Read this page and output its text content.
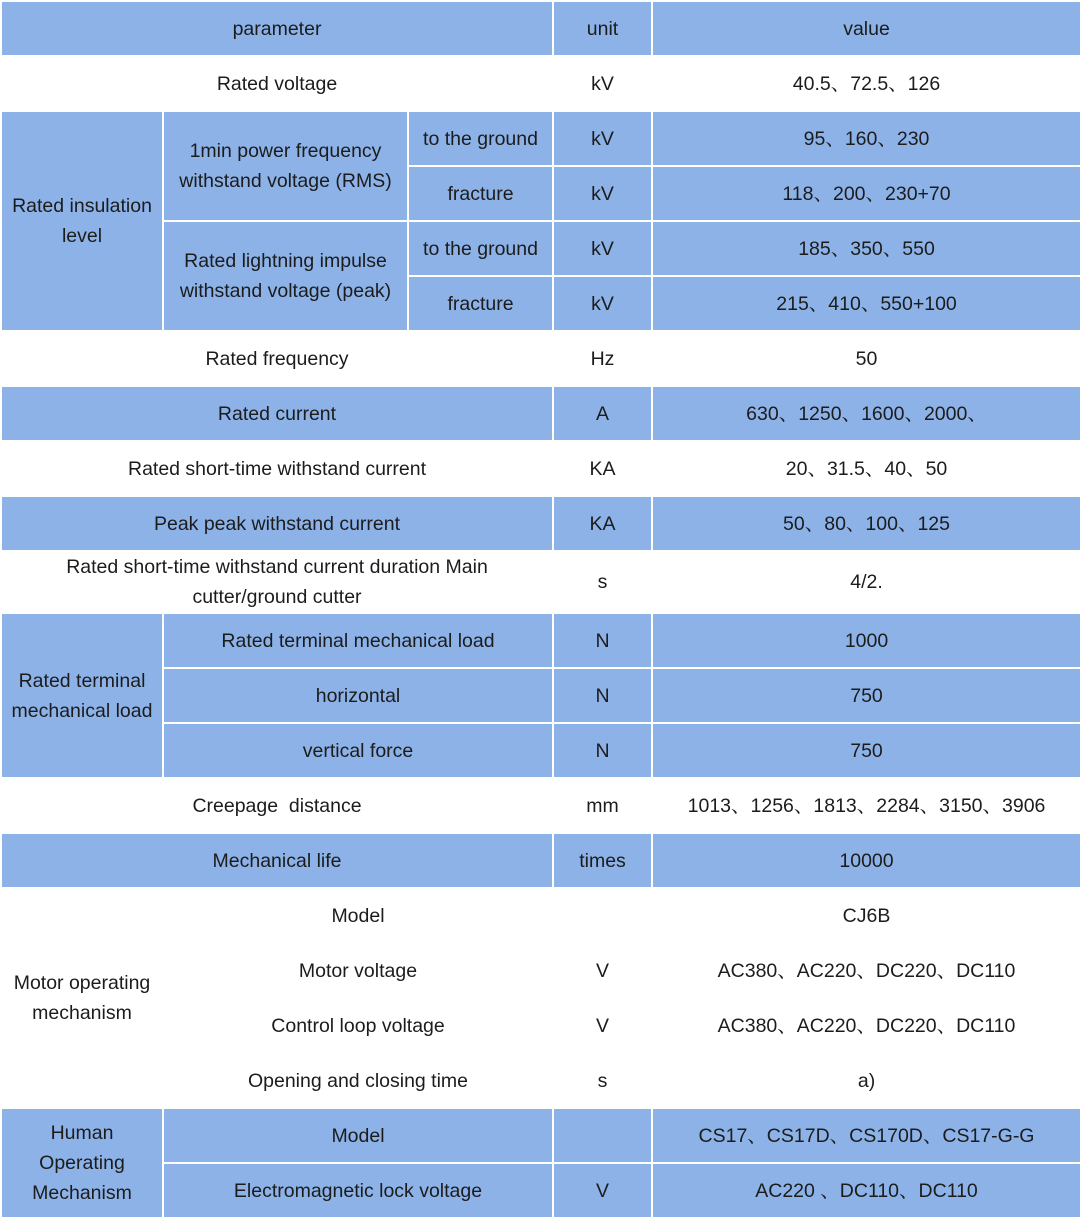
parameter			unit	value
Rated voltage			kV	40.5、72.5、126
Rated insulation level	1min power frequency withstand voltage (RMS)	to the ground	kV	95、160、230
		fracture	kV	118、200、230+70
	Rated lightning impulse withstand voltage (peak)	to the ground	kV	185、350、550
		fracture	kV	215、410、550+100
Rated frequency			Hz	50
Rated current			A	630、1250、1600、2000、
Rated short-time withstand current			KA	20、31.5、40、50
Peak peak withstand current			KA	50、80、100、125
Rated short-time withstand current duration Main cutter/ground cutter			s	4/2.
Rated terminal mechanical load	Rated terminal mechanical load		N	1000
	horizontal		N	750
	vertical force		N	750
Creepage  distance			mm	1013、1256、1813、2284、3150、3906
Mechanical life			times	10000
Motor operating mechanism	Model			CJ6B
	Motor voltage		V	AC380、AC220、DC220、DC110
	Control loop voltage		V	AC380、AC220、DC220、DC110
	Opening and closing time		s	a)
Human Operating Mechanism	Model			CS17、CS17D、CS170D、CS17-G-G
	Electromagnetic lock voltage		V	AC220 、DC110、DC110
